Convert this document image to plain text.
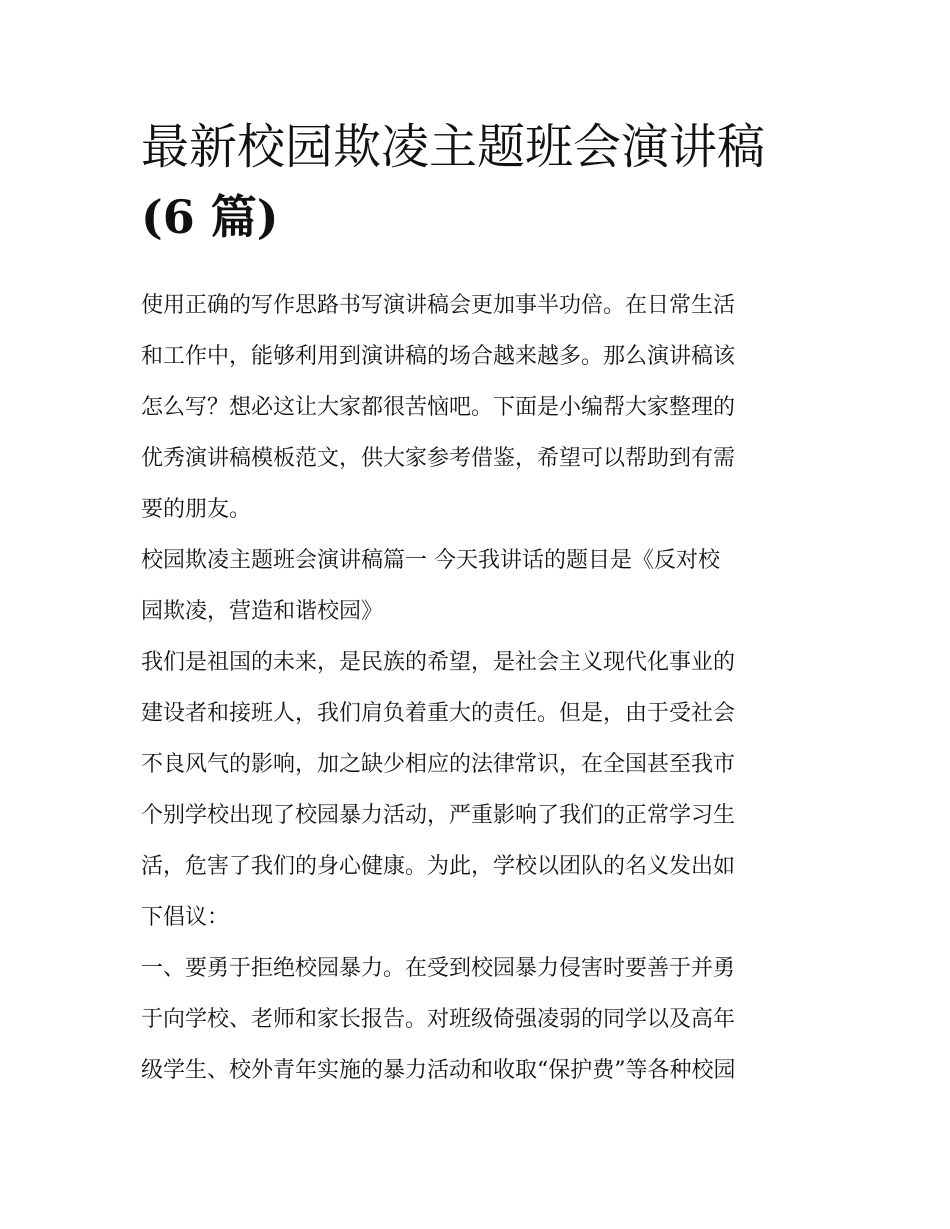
最新校园欺凌主题班会演讲稿
(6 篇)

使用正确的写作思路书写演讲稿会更加事半功倍。在日常生活
和工作中，能够利用到演讲稿的场合越来越多。那么演讲稿该
怎么写？想必这让大家都很苦恼吧。下面是小编帮大家整理的
优秀演讲稿模板范文，供大家参考借鉴，希望可以帮助到有需
要的朋友。

校园欺凌主题班会演讲稿篇一 今天我讲话的题目是《反对校
园欺凌，营造和谐校园》

我们是祖国的未来，是民族的希望，是社会主义现代化事业的
建设者和接班人，我们肩负着重大的责任。但是，由于受社会
不良风气的影响，加之缺少相应的法律常识，在全国甚至我市
个别学校出现了校园暴力活动，严重影响了我们的正常学习生
活，危害了我们的身心健康。为此，学校以团队的名义发出如
下倡议：

一、要勇于拒绝校园暴力。在受到校园暴力侵害时要善于并勇
于向学校、老师和家长报告。对班级倚强凌弱的同学以及高年
级学生、校外青年实施的暴力活动和收取“保护费”等各种校园
